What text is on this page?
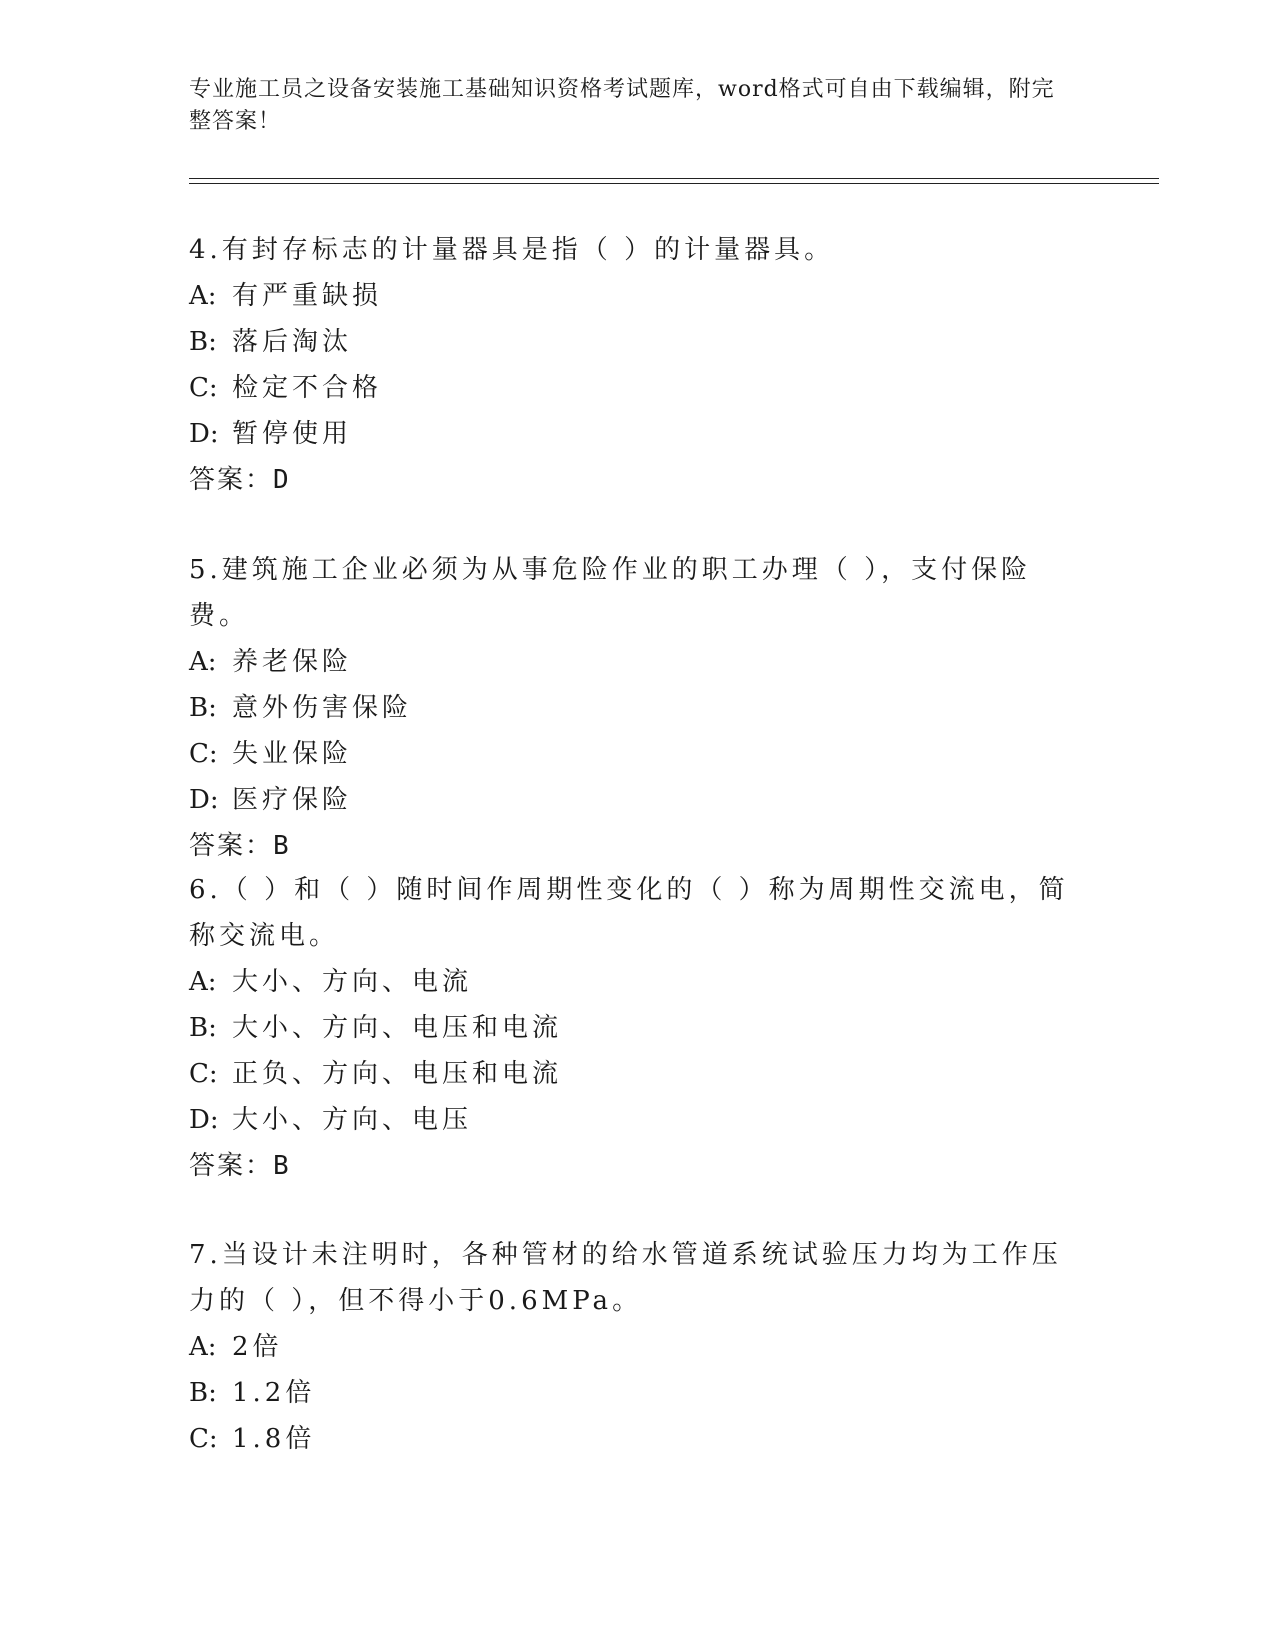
专业施工员之设备安装施工基础知识资格考试题库，word格式可自由下载编辑，附完整答案！

4.有封存标志的计量器具是指（ ）的计量器具。

A: 有严重缺损

B: 落后淘汰

C: 检定不合格

D: 暂停使用

答案：D

5.建筑施工企业必须为从事危险作业的职工办理（ ），支付保险费。

A: 养老保险

B: 意外伤害保险

C: 失业保险

D: 医疗保险

答案：B

6.（ ）和（ ）随时间作周期性变化的（ ）称为周期性交流电，简称交流电。

A: 大小、方向、电流

B: 大小、方向、电压和电流

C: 正负、方向、电压和电流

D: 大小、方向、电压

答案：B

7.当设计未注明时，各种管材的给水管道系统试验压力均为工作压力的（ ），但不得小于0.6MPa。

A: 2倍

B: 1.2倍

C: 1.8倍
